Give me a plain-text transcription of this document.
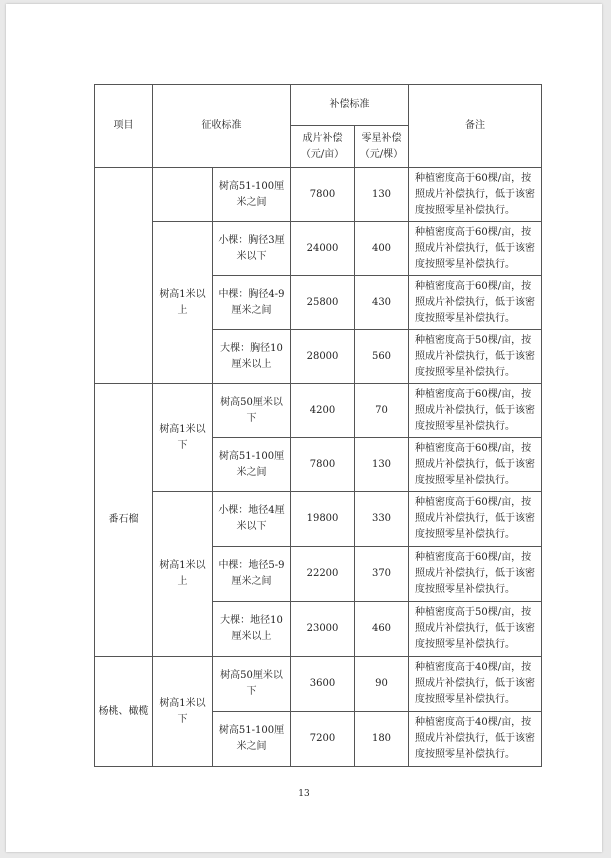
项目	征收标准		补偿标准		备注
			成片补偿（元/亩）	零星补偿（元/棵）	
		树高51-100厘米之间	7800	130	种植密度高于60棵/亩，按照成片补偿执行，低于该密度按照零星补偿执行。
	树高1米以上	小棵：胸径3厘米以下	24000	400	种植密度高于60棵/亩，按照成片补偿执行，低于该密度按照零星补偿执行。
		中棵：胸径4-9厘米之间	25800	430	种植密度高于60棵/亩，按照成片补偿执行，低于该密度按照零星补偿执行。
		大棵：胸径10厘米以上	28000	560	种植密度高于50棵/亩，按照成片补偿执行，低于该密度按照零星补偿执行。
番石榴	树高1米以下	树高50厘米以下	4200	70	种植密度高于60棵/亩，按照成片补偿执行，低于该密度按照零星补偿执行。
		树高51-100厘米之间	7800	130	种植密度高于60棵/亩，按照成片补偿执行，低于该密度按照零星补偿执行。
	树高1米以上	小棵：地径4厘米以下	19800	330	种植密度高于60棵/亩，按照成片补偿执行，低于该密度按照零星补偿执行。
		中棵：地径5-9厘米之间	22200	370	种植密度高于60棵/亩，按照成片补偿执行，低于该密度按照零星补偿执行。
		大棵：地径10厘米以上	23000	460	种植密度高于50棵/亩，按照成片补偿执行，低于该密度按照零星补偿执行。
杨桃、橄榄	树高1米以下	树高50厘米以下	3600	90	种植密度高于40棵/亩，按照成片补偿执行，低于该密度按照零星补偿执行。
		树高51-100厘米之间	7200	180	种植密度高于40棵/亩，按照成片补偿执行，低于该密度按照零星补偿执行。
13
